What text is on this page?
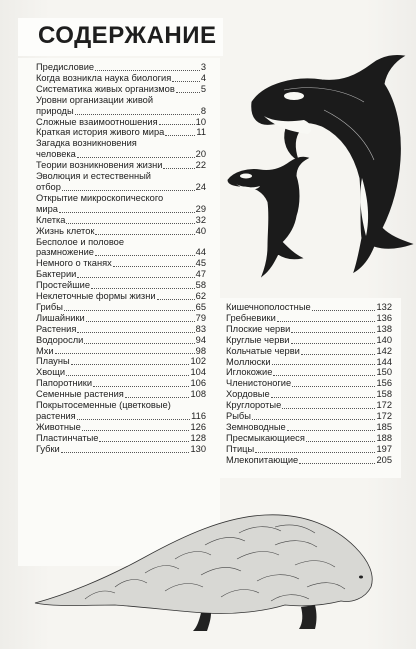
СОДЕРЖАНИЕ
Предисловие	3
Когда возникла наука биология	4
Систематика живых организмов	5
Уровни организации живой
природы	8
Сложные взаимоотношения	10
Краткая история живого мира	11
Загадка возникновения
человека	20
Теории возникновения жизни	22
Эволюция и естественный
отбор	24
Открытие микроскопического
мира	29
Клетка	32
Жизнь клеток	40
Бесполое и половое
размножение	44
Немного о тканях	45
Бактерии	47
Простейшие	58
Неклеточные формы жизни	62
Грибы	65
Лишайники	79
Растения	83
Водоросли	94
Мхи	98
Плауны	102
Хвощи	104
Папоротники	106
Семенные растения	108
Покрытосеменные (цветковые)
растения	116
Животные	126
Пластинчатые	128
Губки	130
Кишечнополостные	132
Гребневики	136
Плоские черви	138
Круглые черви	140
Кольчатые черви	142
Моллюски	144
Иглокожие	150
Членистоногие	156
Хордовые	158
Круглоротые	172
Рыбы	172
Земноводные	185
Пресмыкающиеся	188
Птицы	197
Млекопитающие	205
